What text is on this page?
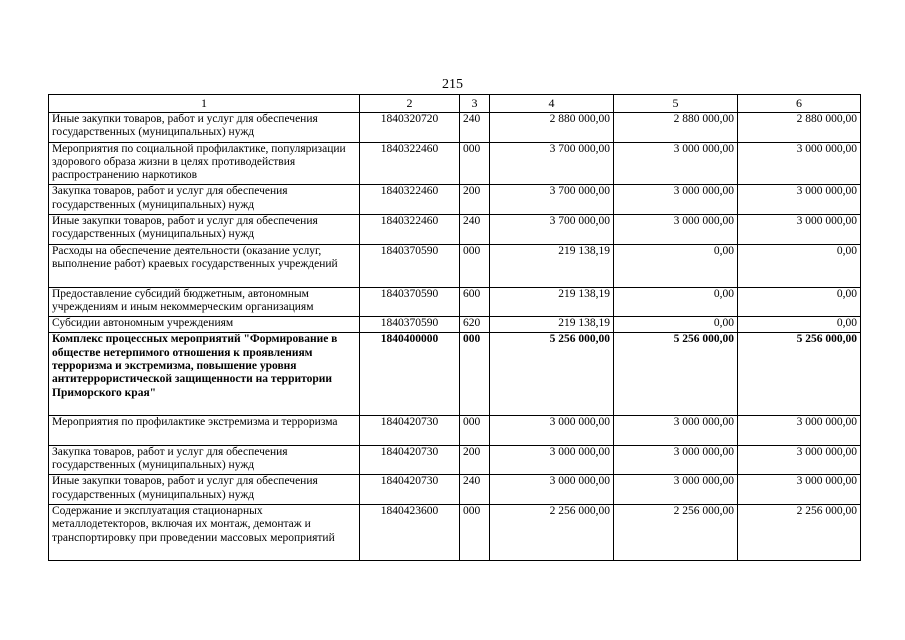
215
1	2	3	4	5	6
Иные закупки товаров, работ и услуг для обеспечения государственных (муниципальных) нужд	1840320720	240	2 880 000,00	2 880 000,00	2 880 000,00
Мероприятия по социальной профилактике, популяризации здорового образа жизни в целях противодействия распространению наркотиков	1840322460	000	3 700 000,00	3 000 000,00	3 000 000,00
Закупка товаров, работ и услуг для обеспечения государственных (муниципальных) нужд	1840322460	200	3 700 000,00	3 000 000,00	3 000 000,00
Иные закупки товаров, работ и услуг для обеспечения государственных (муниципальных) нужд	1840322460	240	3 700 000,00	3 000 000,00	3 000 000,00
Расходы на обеспечение деятельности (оказание услуг, выполнение работ) краевых государственных учреждений	1840370590	000	219 138,19	0,00	0,00
Предоставление субсидий бюджетным, автономным учреждениям и иным некоммерческим организациям	1840370590	600	219 138,19	0,00	0,00
Субсидии автономным учреждениям	1840370590	620	219 138,19	0,00	0,00
Комплекс процессных мероприятий "Формирование в обществе нетерпимого отношения к проявлениям терроризма и экстремизма, повышение уровня антитеррористической защищенности на территории Приморского края"	1840400000	000	5 256 000,00	5 256 000,00	5 256 000,00
Мероприятия по профилактике экстремизма и терроризма	1840420730	000	3 000 000,00	3 000 000,00	3 000 000,00
Закупка товаров, работ и услуг для обеспечения государственных (муниципальных) нужд	1840420730	200	3 000 000,00	3 000 000,00	3 000 000,00
Иные закупки товаров, работ и услуг для обеспечения государственных (муниципальных) нужд	1840420730	240	3 000 000,00	3 000 000,00	3 000 000,00
Содержание и эксплуатация стационарных металлодетекторов, включая их монтаж, демонтаж и транспортировку при проведении массовых мероприятий	1840423600	000	2 256 000,00	2 256 000,00	2 256 000,00
